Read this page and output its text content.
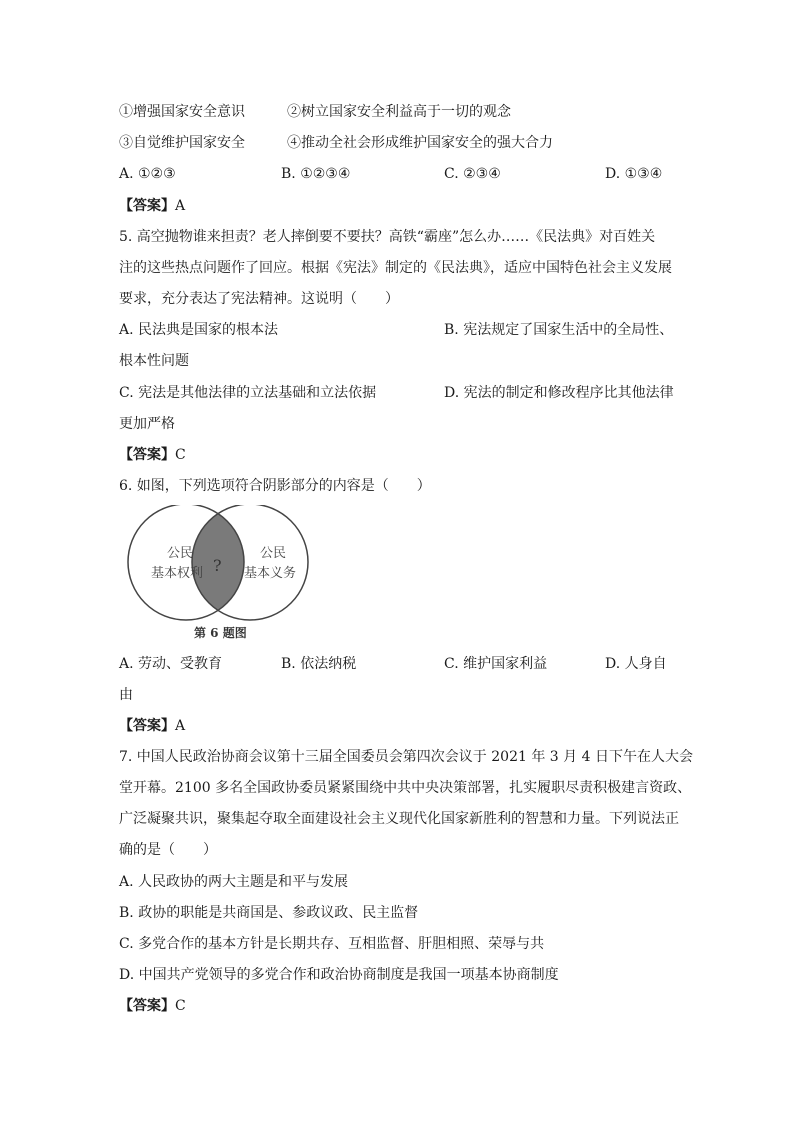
①增强国家安全意识	②树立国家安全利益高于一切的观念
③自觉维护国家安全	④推动全社会形成维护国家安全的强大合力
A. ①②③	B. ①②③④	C. ②③④	D. ①③④
【答案】A
5. 高空抛物谁来担责？老人摔倒要不要扶？高铁“霸座”怎么办……《民法典》对百姓关
注的这些热点问题作了回应。根据《宪法》制定的《民法典》，适应中国特色社会主义发展
要求，充分表达了宪法精神。这说明（　　）
A. 民法典是国家的根本法	B. 宪法规定了国家生活中的全局性、
根本性问题
C. 宪法是其他法律的立法基础和立法依据	D. 宪法的制定和修改程序比其他法律
更加严格
【答案】C
6. 如图，下列选项符合阴影部分的内容是（　　）
公民
基本权利
公民
基本义务
?
第 6 题图
A. 劳动、受教育	B. 依法纳税	C. 维护国家利益	D. 人身自
由
【答案】A
7. 中国人民政治协商会议第十三届全国委员会第四次会议于 2021 年 3 月 4 日下午在人大会
堂开幕。2100 多名全国政协委员紧紧围绕中共中央决策部署，扎实履职尽责积极建言资政、
广泛凝聚共识，聚集起夺取全面建设社会主义现代化国家新胜利的智慧和力量。下列说法正
确的是（　　）
A. 人民政协的两大主题是和平与发展
B. 政协的职能是共商国是、参政议政、民主监督
C. 多党合作的基本方针是长期共存、互相监督、肝胆相照、荣辱与共
D. 中国共产党领导的多党合作和政治协商制度是我国一项基本协商制度
【答案】C
